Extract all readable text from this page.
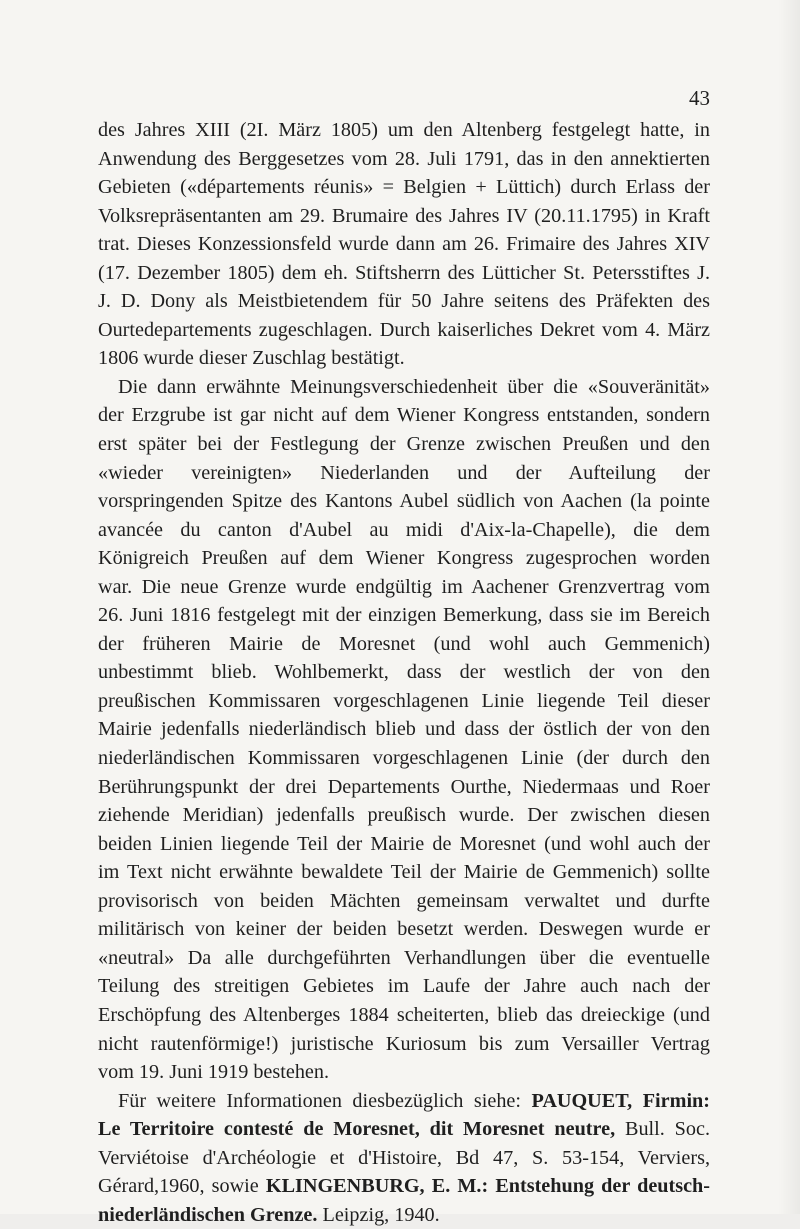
43
des Jahres XIII (2I. März 1805) um den Altenberg festgelegt hatte, in
Anwendung des Berggesetzes vom 28. Juli 1791, das in den annektierten
Gebieten («départements réunis» = Belgien + Lüttich) durch Erlass der
Volksrepräsentanten am 29. Brumaire des Jahres IV (20.11.1795) in Kraft
trat. Dieses Konzessionsfeld wurde dann am 26. Frimaire des Jahres XIV
(17. Dezember 1805) dem eh. Stiftsherrn des Lütticher St. Petersstiftes J.
J. D. Dony als Meistbietendem für 50 Jahre seitens des Präfekten des
Ourtedepartements zugeschlagen. Durch kaiserliches Dekret vom 4. März
1806 wurde dieser Zuschlag bestätigt.
Die dann erwähnte Meinungsverschiedenheit über die «Souveränität»
der Erzgrube ist gar nicht auf dem Wiener Kongress entstanden, sondern
erst später bei der Festlegung der Grenze zwischen Preußen und den
«wieder vereinigten» Niederlanden und der Aufteilung der
vorspringenden Spitze des Kantons Aubel südlich von Aachen (la pointe
avancée du canton d'Aubel au midi d'Aix-la-Chapelle), die dem
Königreich Preußen auf dem Wiener Kongress zugesprochen worden
war. Die neue Grenze wurde endgültig im Aachener Grenzvertrag vom
26. Juni 1816 festgelegt mit der einzigen Bemerkung, dass sie im Bereich
der früheren Mairie de Moresnet (und wohl auch Gemmenich)
unbestimmt blieb. Wohlbemerkt, dass der westlich der von den
preußischen Kommissaren vorgeschlagenen Linie liegende Teil dieser
Mairie jedenfalls niederländisch blieb und dass der östlich der von den
niederländischen Kommissaren vorgeschlagenen Linie (der durch den
Berührungspunkt der drei Departements Ourthe, Niedermaas und Roer
ziehende Meridian) jedenfalls preußisch wurde. Der zwischen diesen
beiden Linien liegende Teil der Mairie de Moresnet (und wohl auch der
im Text nicht erwähnte bewaldete Teil der Mairie de Gemmenich) sollte
provisorisch von beiden Mächten gemeinsam verwaltet und durfte
militärisch von keiner der beiden besetzt werden. Deswegen wurde er
«neutral» Da alle durchgeführten Verhandlungen über die eventuelle
Teilung des streitigen Gebietes im Laufe der Jahre auch nach der
Erschöpfung des Altenberges 1884 scheiterten, blieb das dreieckige (und
nicht rautenförmige!) juristische Kuriosum bis zum Versailler Vertrag
vom 19. Juni 1919 bestehen.
Für weitere Informationen diesbezüglich siehe: PAUQUET, Firmin:
Le Territoire contesté de Moresnet, dit Moresnet neutre, Bull. Soc.
Verviétoise d'Archéologie et d'Histoire, Bd 47, S. 53-154, Verviers,
Gérard,1960, sowie KLINGENBURG, E. M.: Entstehung der deutsch-
niederländischen Grenze. Leipzig, 1940.
